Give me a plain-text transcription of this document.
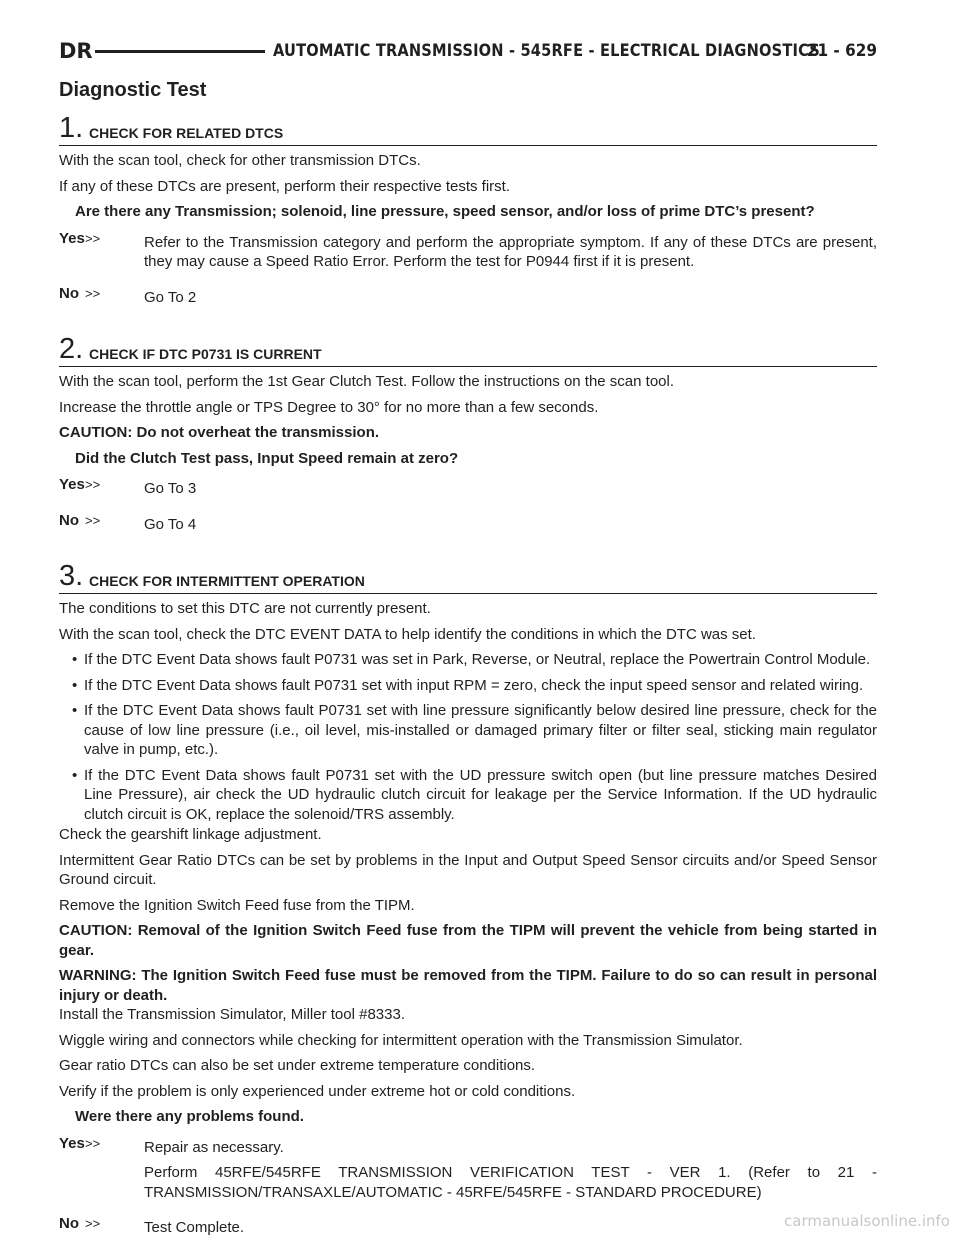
DR	AUTOMATIC TRANSMISSION - 545RFE - ELECTRICAL DIAGNOSTICS
21 - 629
Diagnostic Test
1. CHECK FOR RELATED DTCS

With the scan tool, check for other transmission DTCs.

If any of these DTCs are present, perform their respective tests first.

Are there any Transmission; solenoid, line pressure, speed sensor, and/or loss of prime DTC’s present?

Yes >>	Refer to the Transmission category and perform the appropriate symptom. If any of these DTCs are present, they may cause a Speed Ratio Error. Perform the test for P0944 first if it is present.

No >>	Go To 2

2. CHECK IF DTC P0731 IS CURRENT

With the scan tool, perform the 1st Gear Clutch Test. Follow the instructions on the scan tool.

Increase the throttle angle or TPS Degree to 30° for no more than a few seconds.

CAUTION: Do not overheat the transmission.

Did the Clutch Test pass, Input Speed remain at zero?

Yes >>	Go To 3

No >>	Go To 4

3. CHECK FOR INTERMITTENT OPERATION

The conditions to set this DTC are not currently present.

With the scan tool, check the DTC EVENT DATA to help identify the conditions in which the DTC was set.

• If the DTC Event Data shows fault P0731 was set in Park, Reverse, or Neutral, replace the Powertrain Control Module.
• If the DTC Event Data shows fault P0731 set with input RPM = zero, check the input speed sensor and related wiring.
• If the DTC Event Data shows fault P0731 set with line pressure significantly below desired line pressure, check for the cause of low line pressure (i.e., oil level, mis-installed or damaged primary filter or filter seal, sticking main regulator valve in pump, etc.).
• If the DTC Event Data shows fault P0731 set with the UD pressure switch open (but line pressure matches Desired Line Pressure), air check the UD hydraulic clutch circuit for leakage per the Service Information. If the UD hydraulic clutch circuit is OK, replace the solenoid/TRS assembly.

Check the gearshift linkage adjustment.

Intermittent Gear Ratio DTCs can be set by problems in the Input and Output Speed Sensor circuits and/or Speed Sensor Ground circuit.

Remove the Ignition Switch Feed fuse from the TIPM.

CAUTION: Removal of the Ignition Switch Feed fuse from the TIPM will prevent the vehicle from being started in gear.

WARNING: The Ignition Switch Feed fuse must be removed from the TIPM. Failure to do so can result in personal injury or death.

Install the Transmission Simulator, Miller tool #8333.

Wiggle wiring and connectors while checking for intermittent operation with the Transmission Simulator.

Gear ratio DTCs can also be set under extreme temperature conditions.

Verify if the problem is only experienced under extreme hot or cold conditions.

Were there any problems found.

Yes >>	Repair as necessary.

Perform 45RFE/545RFE TRANSMISSION VERIFICATION TEST - VER 1. (Refer to 21 - TRANSMISSION/TRANSAXLE/AUTOMATIC - 45RFE/545RFE - STANDARD PROCEDURE)

No >>	Test Complete.	carmanualsonline.info
